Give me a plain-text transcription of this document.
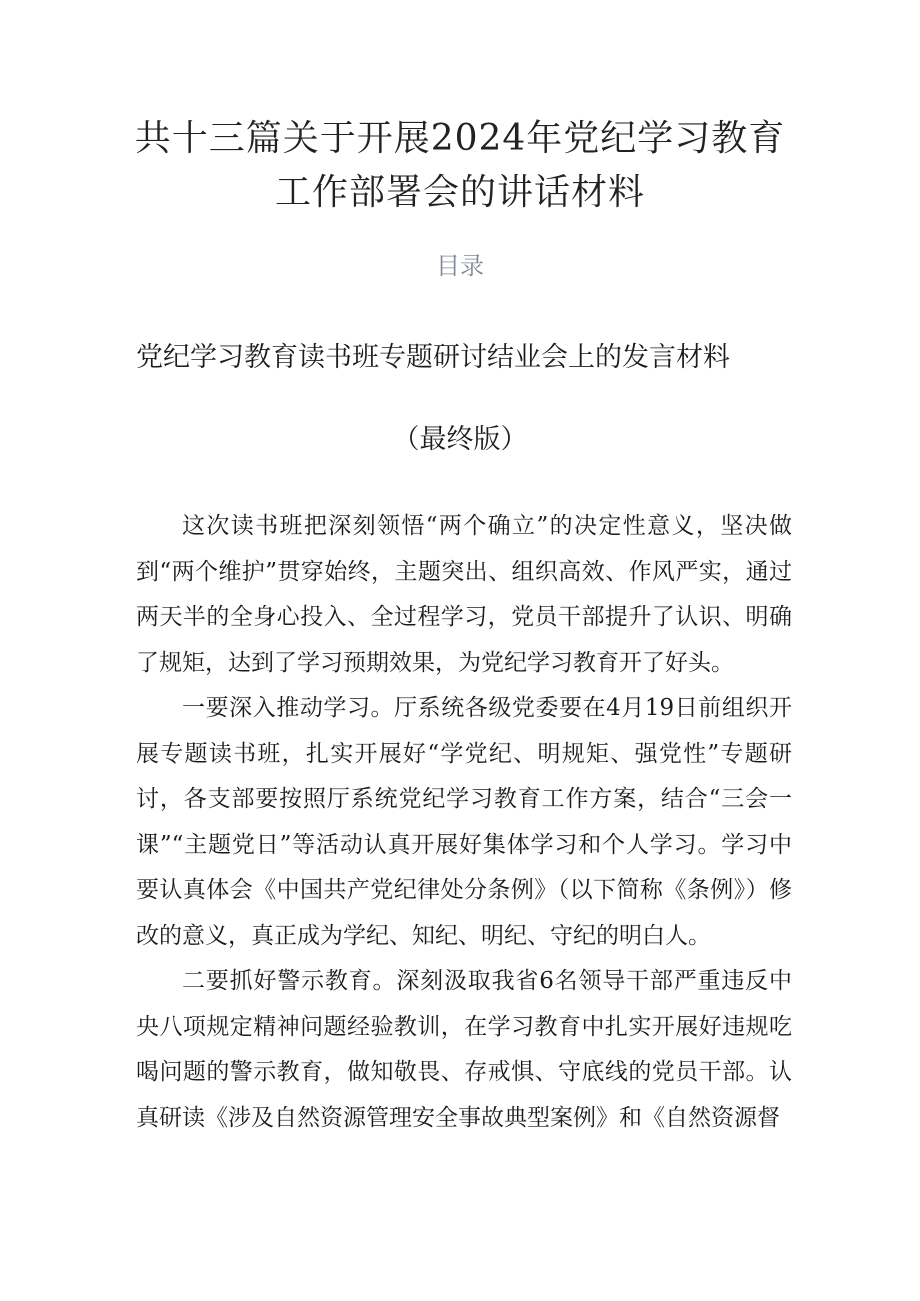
共十三篇关于开展2024年党纪学习教育工作部署会的讲话材料
目录
党纪学习教育读书班专题研讨结业会上的发言材料
（最终版）

这次读书班把深刻领悟“两个确立”的决定性意义，坚决做到“两个维护”贯穿始终，主题突出、组织高效、作风严实，通过两天半的全身心投入、全过程学习，党员干部提升了认识、明确了规矩，达到了学习预期效果，为党纪学习教育开了好头。

一要深入推动学习。厅系统各级党委要在4月19日前组织开展专题读书班，扎实开展好“学党纪、明规矩、强党性”专题研讨，各支部要按照厅系统党纪学习教育工作方案，结合“三会一课”“主题党日”等活动认真开展好集体学习和个人学习。学习中要认真体会《中国共产党纪律处分条例》（以下简称《条例》）修改的意义，真正成为学纪、知纪、明纪、守纪的明白人。

二要抓好警示教育。深刻汲取我省6名领导干部严重违反中央八项规定精神问题经验教训，在学习教育中扎实开展好违规吃喝问题的警示教育，做知敬畏、存戒惧、守底线的党员干部。认真研读《涉及自然资源管理安全事故典型案例》和《自然资源督
